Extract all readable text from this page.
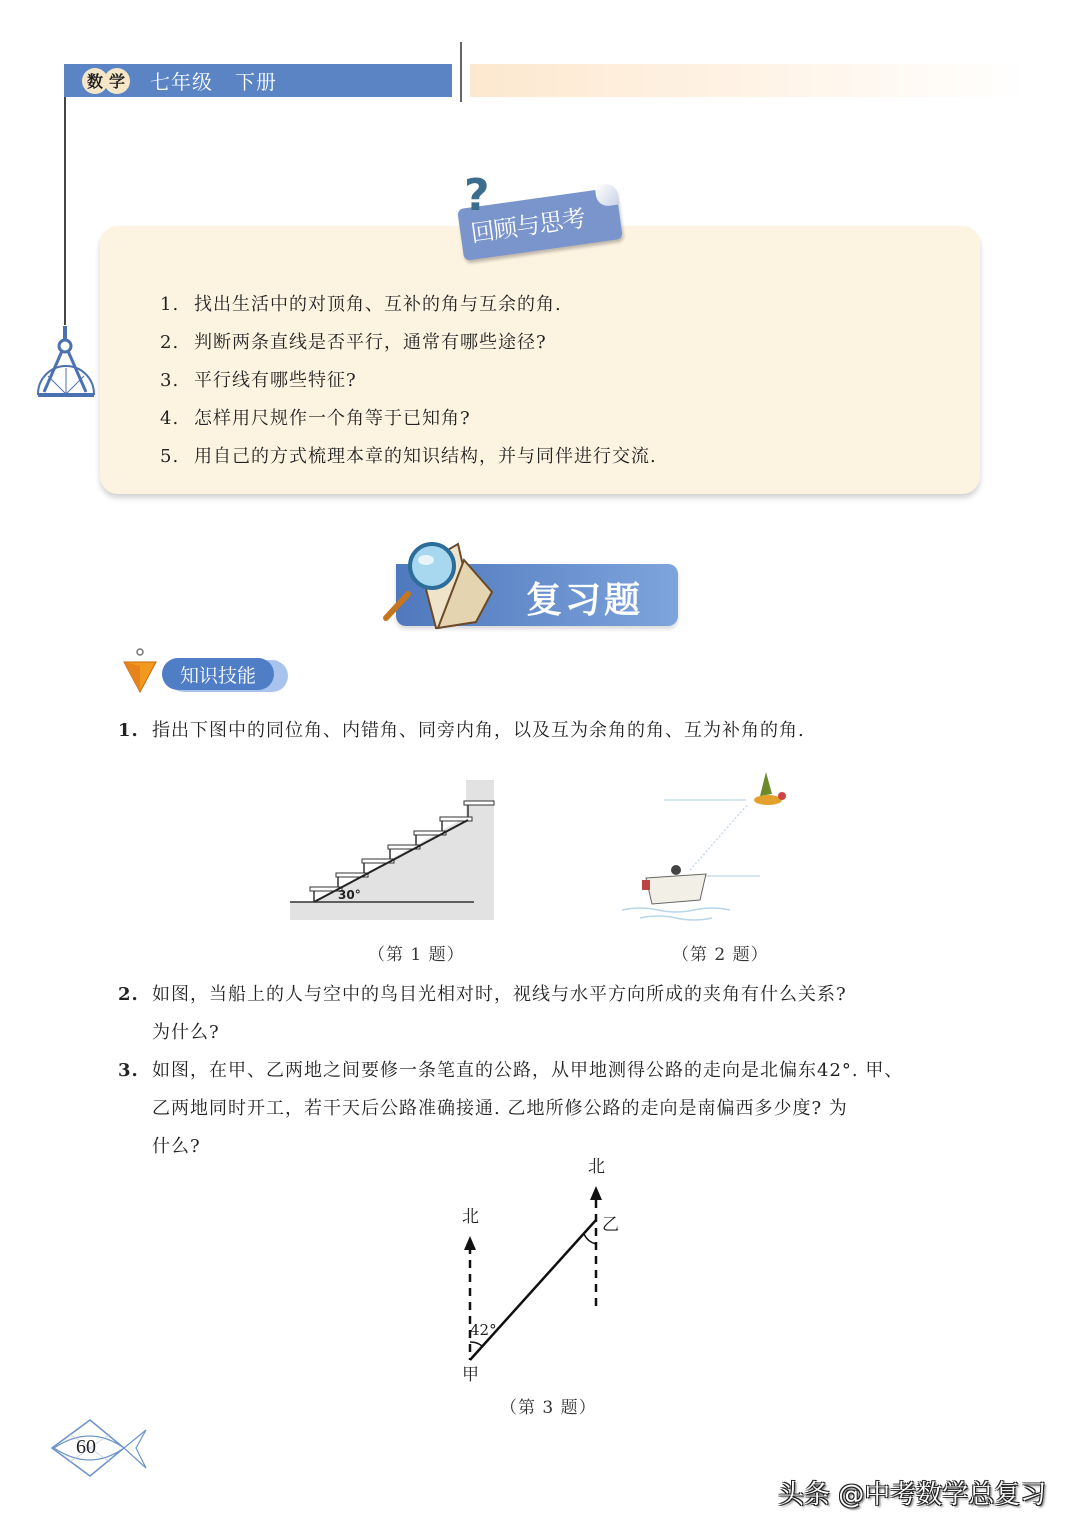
数 学 七年级 下册
?
回顾与思考
1. 找出生活中的对顶角、互补的角与互余的角.
2. 判断两条直线是否平行，通常有哪些途径?
3. 平行线有哪些特征?
4. 怎样用尺规作一个角等于已知角?
5. 用自己的方式梳理本章的知识结构，并与同伴进行交流.
复习题
知识技能
1. 指出下图中的同位角、内错角、同旁内角，以及互为余角的角、互为补角的角.
30°
（第 1 题）	（第 2 题）
2. 如图，当船上的人与空中的鸟目光相对时，视线与水平方向所成的夹角有什么关系?
为什么?
3. 如图，在甲、乙两地之间要修一条笔直的公路，从甲地测得公路的走向是北偏东42°. 甲、
乙两地同时开工，若干天后公路准确接通. 乙地所修公路的走向是南偏西多少度? 为
什么?
北
北
42°
乙
甲
（第 3 题）
60
头条 @中考数学总复习
